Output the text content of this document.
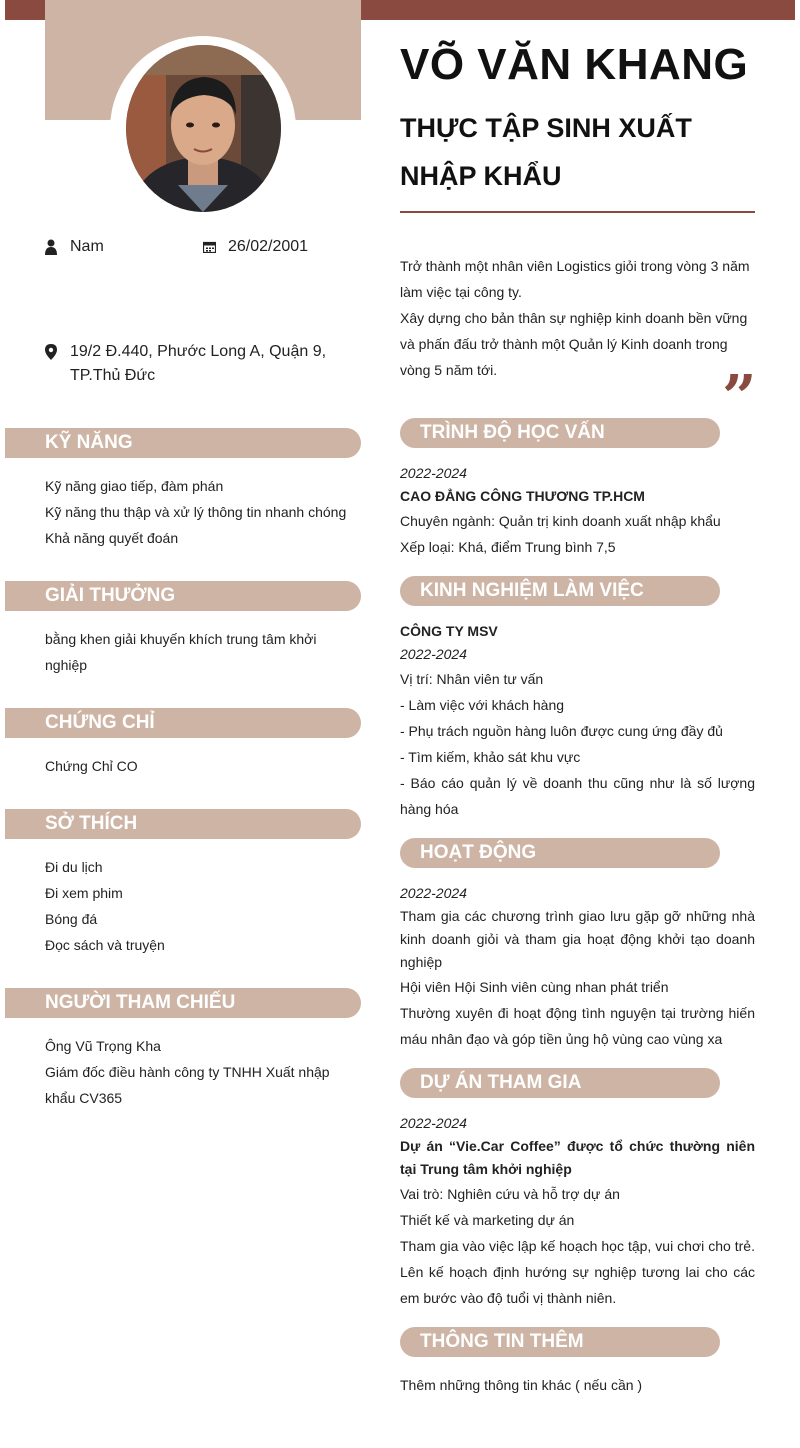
Nam	26/02/2001
19/2 Đ.440, Phước Long A, Quận 9, TP.Thủ Đức
KỸ NĂNG
Kỹ năng giao tiếp, đàm phán
Kỹ năng thu thập và xử lý thông tin nhanh chóng
Khả năng quyết đoán
GIẢI THƯỞNG
bằng khen giải khuyến khích trung tâm khởi nghiệp
CHỨNG CHỈ
Chứng Chỉ CO
SỞ THÍCH
Đi du lịch
Đi xem phim
Bóng đá
Đọc sách và truyện
NGƯỜI THAM CHIẾU
Ông Vũ Trọng Kha
Giám đốc điều hành công ty TNHH Xuất nhập khẩu CV365
VÕ VĂN KHANG
THỰC TẬP SINH XUẤT NHẬP KHẨU
Trở thành một nhân viên Logistics giỏi trong vòng 3 năm làm việc tại công ty.
Xây dựng cho bản thân sự nghiệp kinh doanh bền vững và phấn đấu trở thành một Quản lý Kinh doanh trong vòng 5 năm tới.	”
TRÌNH ĐỘ HỌC VẤN
2022-2024
CAO ĐẲNG CÔNG THƯƠNG TP.HCM
Chuyên ngành: Quản trị kinh doanh xuất nhập khẩu
Xếp loại: Khá, điểm Trung bình 7,5
KINH NGHIỆM LÀM VIỆC
CÔNG TY MSV
2022-2024
Vị trí: Nhân viên tư vấn
- Làm việc với khách hàng
- Phụ trách nguồn hàng luôn được cung ứng đầy đủ
- Tìm kiếm, khảo sát khu vực
- Báo cáo quản lý về doanh thu cũng như là số lượng hàng hóa
HOẠT ĐỘNG
2022-2024
Tham gia các chương trình giao lưu gặp gỡ những nhà kinh doanh giỏi và tham gia hoạt động khởi tạo doanh nghiệp
Hội viên Hội Sinh viên cùng nhan phát triển
Thường xuyên đi hoạt động tình nguyện tại trường hiến máu nhân đạo và góp tiền ủng hộ vùng cao vùng xa
DỰ ÁN THAM GIA
2022-2024
Dự án “Vie.Car Coffee” được tổ chức thường niên tại Trung tâm khởi nghiệp
Vai trò: Nghiên cứu và hỗ trợ dự án
Thiết kế và marketing dự án
Tham gia vào việc lập kế hoạch học tập, vui chơi cho trẻ. Lên kế hoạch định hướng sự nghiệp tương lai cho các em bước vào độ tuổi vị thành niên.
THÔNG TIN THÊM
Thêm những thông tin khác ( nếu cần )
